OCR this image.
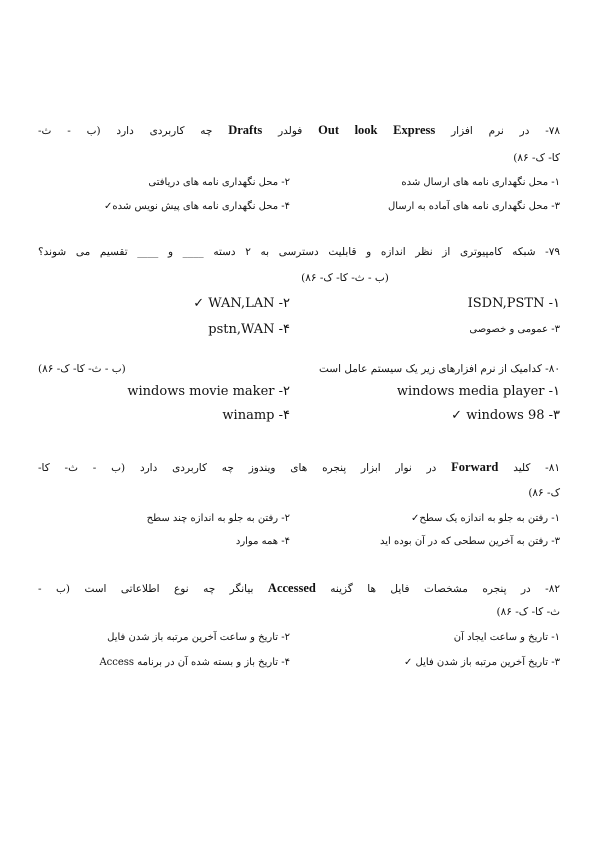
۷۸- در نرم افزار Out look Express فولدر Drafts چه کاربردی دارد (ب - ث-
کا- ک- ۸۶)
۱- محل نگهداری نامه های ارسال شده
۲- محل نگهداری نامه های دریافتی
۳- محل نگهداری نامه های آماده به ارسال
۴- محل نگهداری نامه های پیش نویس شده✓
۷۹- شبکه کامپیوتری از نظر اندازه و قابلیت دسترسی به ۲ دسته ____ و ____ تقسیم می شوند؟
(ب - ث- کا- ک- ۸۶)
۱- ISDN,PSTN
۲- WAN,LAN ✓
۳- عمومی و خصوصی
۴- pstn,WAN
۸۰- کدامیک از نرم افزارهای زیر یک سیستم عامل است
(ب - ث- کا- ک- ۸۶)
۱- windows media player
۲- windows movie maker
۳- windows 98 ✓
۴- winamp
۸۱- کلید Forward در نوار ابزار پنجره های ویندوز چه کاربردی دارد (ب - ث- کا-
ک- ۸۶)
۱- رفتن به جلو به اندازه یک سطح✓
۲- رفتن به جلو به اندازه چند سطح
۳- رفتن به آخرین سطحی که در آن بوده اید
۴- همه موارد
۸۲- در پنجره مشخصات فایل ها گزینه Accessed بیانگر چه نوع اطلاعاتی است (ب -
ث- کا- ک- ۸۶)
۱- تاریخ و ساعت ایجاد آن
۲- تاریخ و ساعت آخرین مرتبه باز شدن فایل
۳- تاریخ آخرین مرتبه باز شدن فایل ✓
۴- تاریخ باز و بسته شده آن در برنامه Access
